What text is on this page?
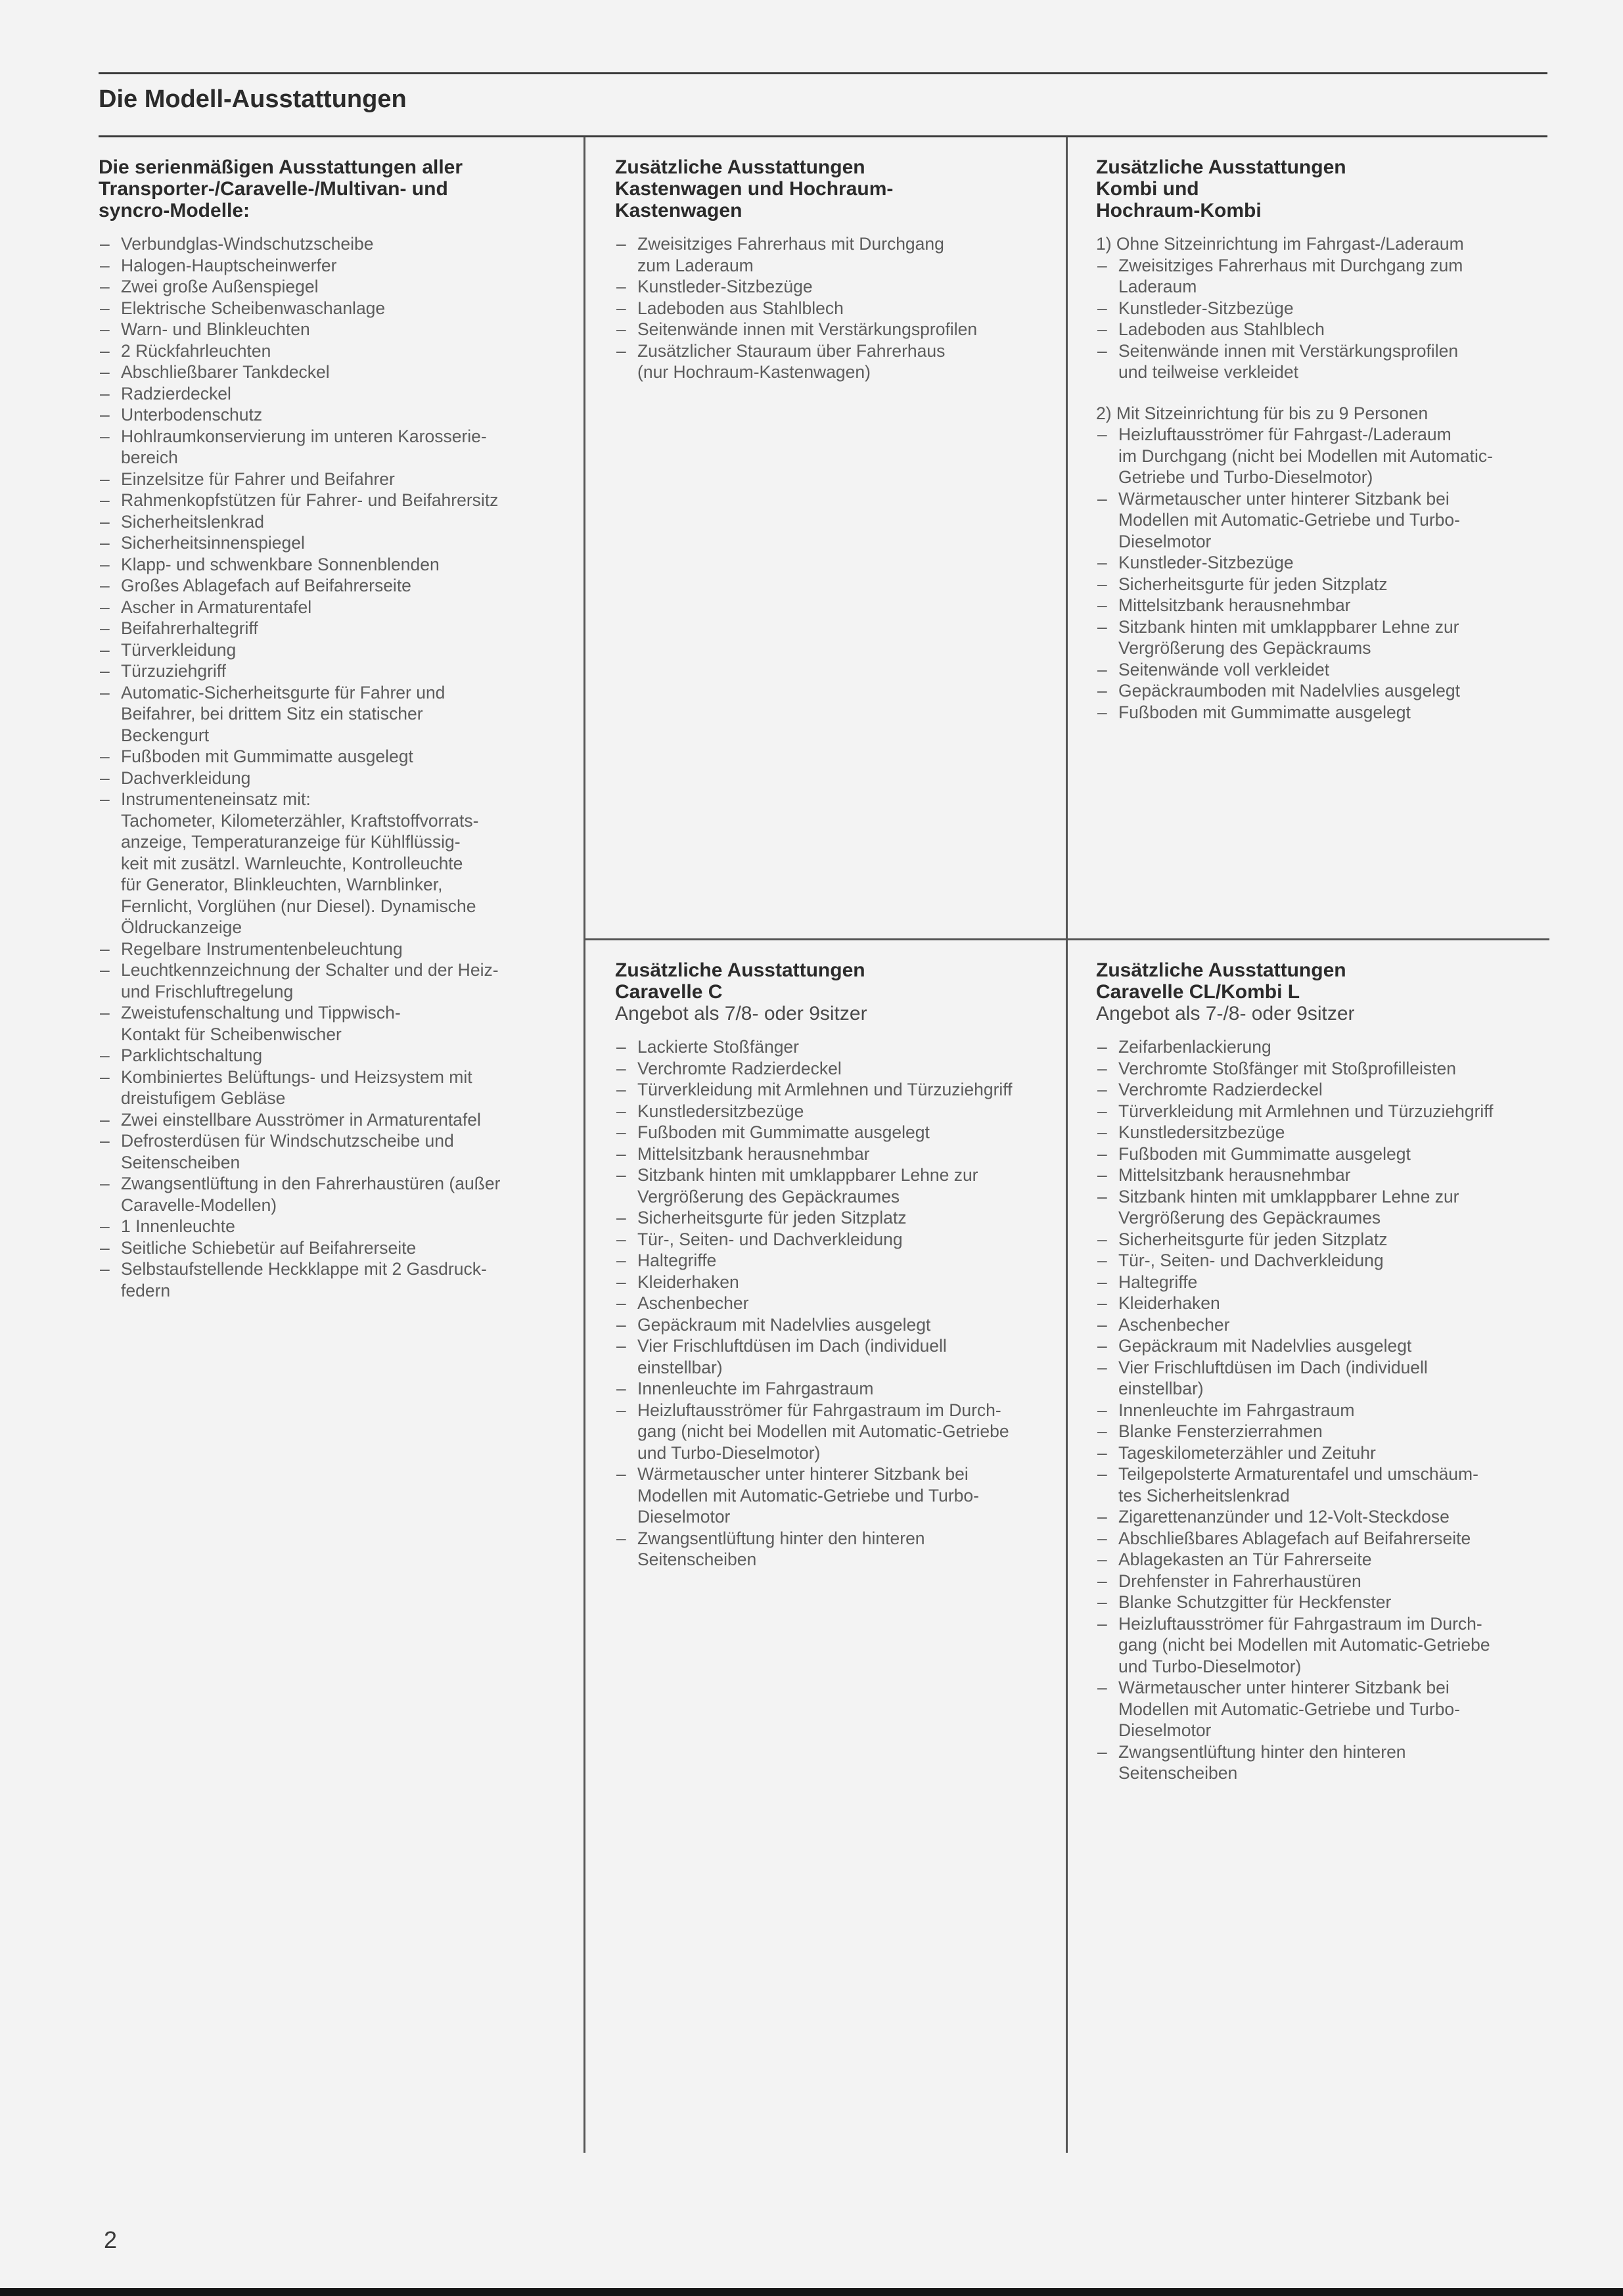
Die Modell-Ausstattungen
Die serienmäßigen Ausstattungen aller
Transporter-/Caravelle-/Multivan- und
syncro-Modelle:
– Verbundglas-Windschutzscheibe
– Halogen-Hauptscheinwerfer
– Zwei große Außenspiegel
– Elektrische Scheibenwaschanlage
– Warn- und Blinkleuchten
– 2 Rückfahrleuchten
– Abschließbarer Tankdeckel
– Radzierdeckel
– Unterbodenschutz
– Hohlraumkonservierung im unteren Karosserie-
bereich
– Einzelsitze für Fahrer und Beifahrer
– Rahmenkopfstützen für Fahrer- und Beifahrersitz
– Sicherheitslenkrad
– Sicherheitsinnenspiegel
– Klapp- und schwenkbare Sonnenblenden
– Großes Ablagefach auf Beifahrerseite
– Ascher in Armaturentafel
– Beifahrerhaltegriff
– Türverkleidung
– Türzuziehgriff
– Automatic-Sicherheitsgurte für Fahrer und
Beifahrer, bei drittem Sitz ein statischer
Beckengurt
– Fußboden mit Gummimatte ausgelegt
– Dachverkleidung
– Instrumenteneinsatz mit:
Tachometer, Kilometerzähler, Kraftstoffvorrats-
anzeige, Temperaturanzeige für Kühlflüssig-
keit mit zusätzl. Warnleuchte, Kontrolleuchte
für Generator, Blinkleuchten, Warnblinker,
Fernlicht, Vorglühen (nur Diesel). Dynamische
Öldruckanzeige
– Regelbare Instrumentenbeleuchtung
– Leuchtkennzeichnung der Schalter und der Heiz-
und Frischluftregelung
– Zweistufenschaltung und Tippwisch-
Kontakt für Scheibenwischer
– Parklichtschaltung
– Kombiniertes Belüftungs- und Heizsystem mit
dreistufigem Gebläse
– Zwei einstellbare Ausströmer in Armaturentafel
– Defrosterdüsen für Windschutzscheibe und
Seitenscheiben
– Zwangsentlüftung in den Fahrerhaustüren (außer
Caravelle-Modellen)
– 1 Innenleuchte
– Seitliche Schiebetür auf Beifahrerseite
– Selbstaufstellende Heckklappe mit 2 Gasdruck-
federn
Zusätzliche Ausstattungen
Kastenwagen und Hochraum-
Kastenwagen
– Zweisitziges Fahrerhaus mit Durchgang
zum Laderaum
– Kunstleder-Sitzbezüge
– Ladeboden aus Stahlblech
– Seitenwände innen mit Verstärkungsprofilen
– Zusätzlicher Stauraum über Fahrerhaus
(nur Hochraum-Kastenwagen)
Zusätzliche Ausstattungen
Kombi und
Hochraum-Kombi

1) Ohne Sitzeinrichtung im Fahrgast-/Laderaum

– Zweisitziges Fahrerhaus mit Durchgang zum
Laderaum
– Kunstleder-Sitzbezüge
– Ladeboden aus Stahlblech
– Seitenwände innen mit Verstärkungsprofilen
und teilweise verkleidet

2) Mit Sitzeinrichtung für bis zu 9 Personen

– Heizluftausströmer für Fahrgast-/Laderaum
im Durchgang (nicht bei Modellen mit Automatic-
Getriebe und Turbo-Dieselmotor)
– Wärmetauscher unter hinterer Sitzbank bei
Modellen mit Automatic-Getriebe und Turbo-
Dieselmotor
– Kunstleder-Sitzbezüge
– Sicherheitsgurte für jeden Sitzplatz
– Mittelsitzbank herausnehmbar
– Sitzbank hinten mit umklappbarer Lehne zur
Vergrößerung des Gepäckraums
– Seitenwände voll verkleidet
– Gepäckraumboden mit Nadelvlies ausgelegt
– Fußboden mit Gummimatte ausgelegt
Zusätzliche Ausstattungen
Caravelle C

Angebot als 7/8- oder 9sitzer

– Lackierte Stoßfänger
– Verchromte Radzierdeckel
– Türverkleidung mit Armlehnen und Türzuziehgriff
– Kunstledersitzbezüge
– Fußboden mit Gummimatte ausgelegt
– Mittelsitzbank herausnehmbar
– Sitzbank hinten mit umklappbarer Lehne zur
Vergrößerung des Gepäckraumes
– Sicherheitsgurte für jeden Sitzplatz
– Tür-, Seiten- und Dachverkleidung
– Haltegriffe
– Kleiderhaken
– Aschenbecher
– Gepäckraum mit Nadelvlies ausgelegt
– Vier Frischluftdüsen im Dach (individuell
einstellbar)
– Innenleuchte im Fahrgastraum
– Heizluftausströmer für Fahrgastraum im Durch-
gang (nicht bei Modellen mit Automatic-Getriebe
und Turbo-Dieselmotor)
– Wärmetauscher unter hinterer Sitzbank bei
Modellen mit Automatic-Getriebe und Turbo-
Dieselmotor
– Zwangsentlüftung hinter den hinteren
Seitenscheiben
Zusätzliche Ausstattungen
Caravelle CL/Kombi L

Angebot als 7-/8- oder 9sitzer

– Zeifarbenlackierung
– Verchromte Stoßfänger mit Stoßprofilleisten
– Verchromte Radzierdeckel
– Türverkleidung mit Armlehnen und Türzuziehgriff
– Kunstledersitzbezüge
– Fußboden mit Gummimatte ausgelegt
– Mittelsitzbank herausnehmbar
– Sitzbank hinten mit umklappbarer Lehne zur
Vergrößerung des Gepäckraumes
– Sicherheitsgurte für jeden Sitzplatz
– Tür-, Seiten- und Dachverkleidung
– Haltegriffe
– Kleiderhaken
– Aschenbecher
– Gepäckraum mit Nadelvlies ausgelegt
– Vier Frischluftdüsen im Dach (individuell
einstellbar)
– Innenleuchte im Fahrgastraum
– Blanke Fensterzierrahmen
– Tageskilometerzähler und Zeituhr
– Teilgepolsterte Armaturentafel und umschäum-
tes Sicherheitslenkrad
– Zigarettenanzünder und 12-Volt-Steckdose
– Abschließbares Ablagefach auf Beifahrerseite
– Ablagekasten an Tür Fahrerseite
– Drehfenster in Fahrerhaustüren
– Blanke Schutzgitter für Heckfenster
– Heizluftausströmer für Fahrgastraum im Durch-
gang (nicht bei Modellen mit Automatic-Getriebe
und Turbo-Dieselmotor)
– Wärmetauscher unter hinterer Sitzbank bei
Modellen mit Automatic-Getriebe und Turbo-
Dieselmotor
– Zwangsentlüftung hinter den hinteren
Seitenscheiben
2
